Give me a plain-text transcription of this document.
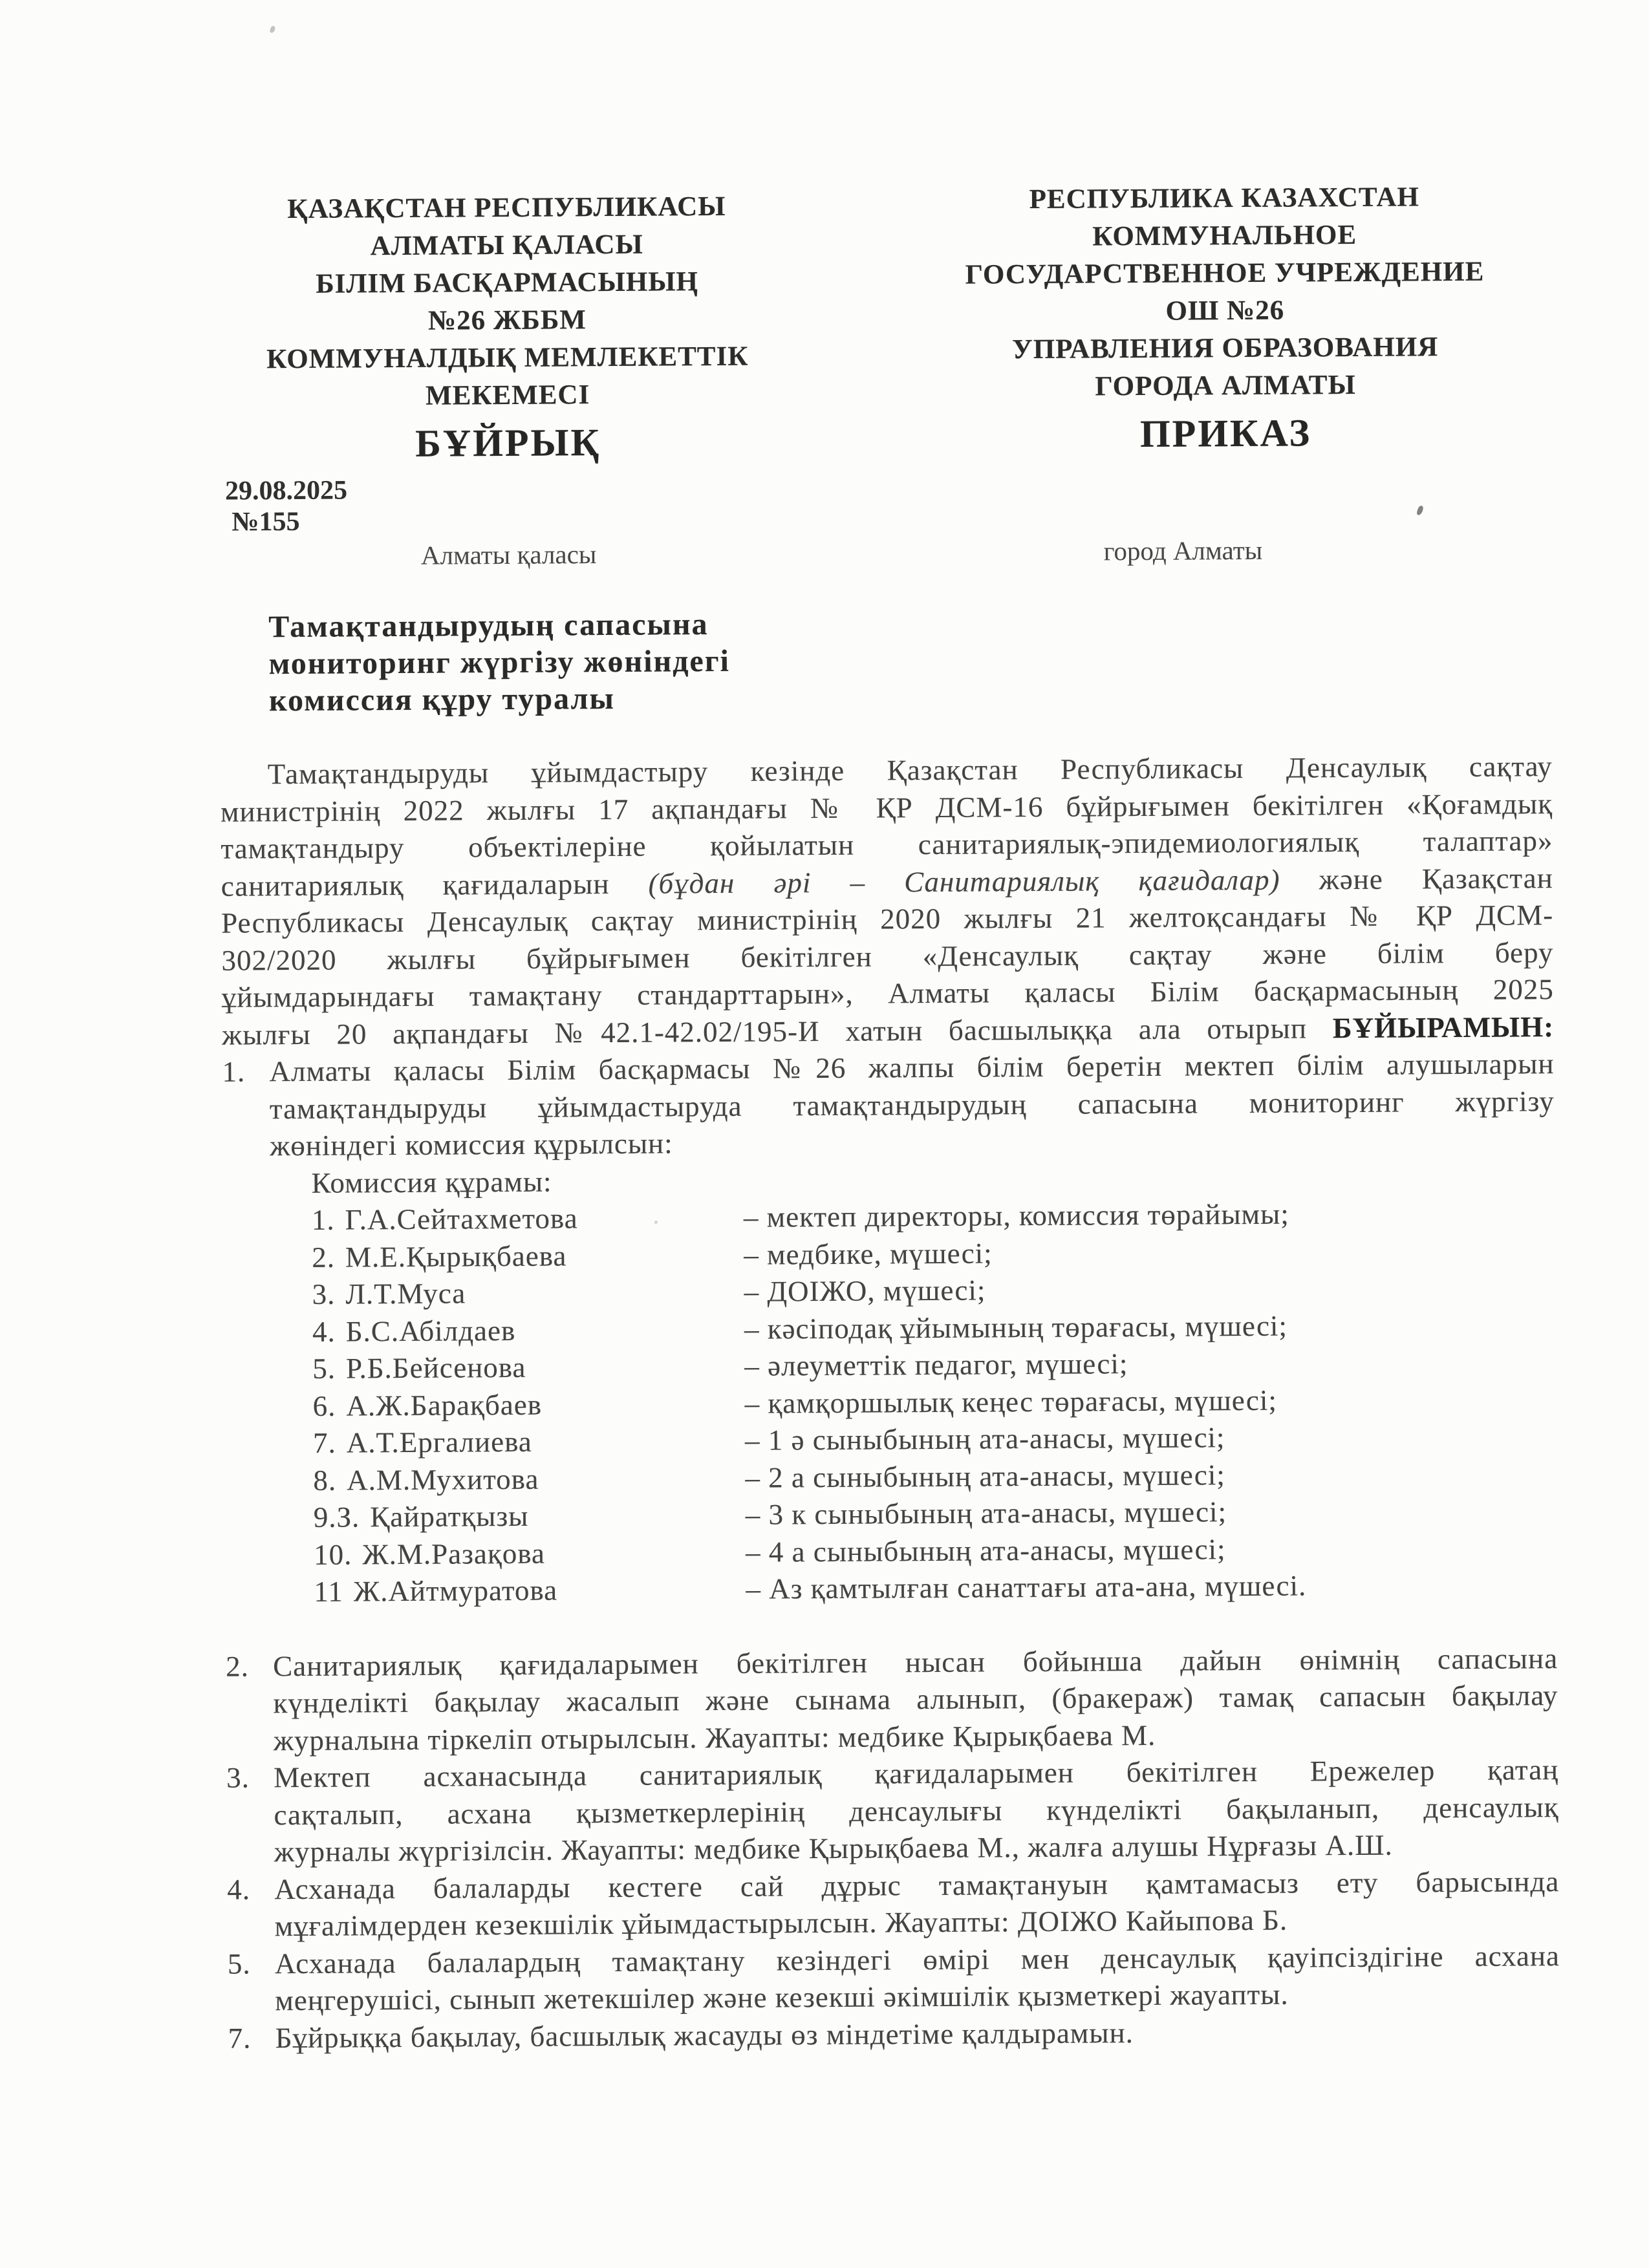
ҚАЗАҚСТАН РЕСПУБЛИКАСЫ
АЛМАТЫ ҚАЛАСЫ
БІЛІМ БАСҚАРМАСЫНЫҢ
№26 ЖББМ
КОММУНАЛДЫҚ МЕМЛЕКЕТТІК
МЕКЕМЕСІ
БҰЙРЫҚ
РЕСПУБЛИКА КАЗАХСТАН
КОММУНАЛЬНОЕ
ГОСУДАРСТВЕННОЕ УЧРЕЖДЕНИЕ
ОШ №26
УПРАВЛЕНИЯ ОБРАЗОВАНИЯ
ГОРОДА АЛМАТЫ
ПРИКАЗ
29.08.2025
№155
Алматы қаласы	город Алматы
Тамақтандырудың сапасына
мониторинг жүргізу жөніндегі
комиссия құру туралы
Тамақтандыруды ұйымдастыру кезінде Қазақстан Республикасы Денсаулық сақтау
министрінің 2022 жылғы 17 ақпандағы № ҚР ДСМ-16 бұйрығымен бекітілген «Қоғамдық
тамақтандыру объектілеріне қойылатын санитариялық-эпидемиологиялық талаптар»
санитариялық қағидаларын (бұдан әрі – Санитариялық қағидалар) және Қазақстан
Республикасы Денсаулық сақтау министрінің 2020 жылғы 21 желтоқсандағы № ҚР ДСМ-
302/2020 жылғы бұйрығымен бекітілген «Денсаулық сақтау және білім беру
ұйымдарындағы тамақтану стандарттарын», Алматы қаласы Білім басқармасының 2025
жылғы 20 ақпандағы №42.1-42.02/195-И хатын басшылыққа ала отырып БҰЙЫРАМЫН:
1. Алматы қаласы Білім басқармасы №26 жалпы білім беретін мектеп білім алушыларын
тамақтандыруды ұйымдастыруда тамақтандырудың сапасына мониторинг жүргізу
жөніндегі комиссия құрылсын:
Комиссия құрамы:
1. Г.А.Сейтахметова	– мектеп директоры, комиссия төрайымы;
2. М.Е.Қырықбаева	– медбике, мүшесі;
3. Л.Т.Муса	– ДОІЖО, мүшесі;
4. Б.С.Абілдаев	– кәсіподақ ұйымының төрағасы, мүшесі;
5. Р.Б.Бейсенова	– әлеуметтік педагог, мүшесі;
6. А.Ж.Барақбаев	– қамқоршылық кеңес төрағасы, мүшесі;
7. А.Т.Ергалиева	– 1 ә сыныбының ата-анасы, мүшесі;
8. А.М.Мухитова	– 2 а сыныбының ата-анасы, мүшесі;
9.З. Қайратқызы	– 3 к сыныбының ата-анасы, мүшесі;
10. Ж.М.Разақова	– 4 а сыныбының ата-анасы, мүшесі;
11 Ж.Айтмуратова	– Аз қамтылған санаттағы ата-ана, мүшесі.
2. Санитариялық қағидаларымен бекітілген нысан бойынша дайын өнімнің сапасына
күнделікті бақылау жасалып және сынама алынып, (бракераж) тамақ сапасын бақылау
журналына тіркеліп отырылсын. Жауапты: медбике Қырықбаева М.
3. Мектеп асханасында санитариялық қағидаларымен бекітілген Ережелер қатаң
сақталып, асхана қызметкерлерінің денсаулығы күнделікті бақыланып, денсаулық
журналы жүргізілсін. Жауапты: медбике Қырықбаева М., жалға алушы Нұрғазы А.Ш.
4. Асханада балаларды кестеге сай дұрыс тамақтануын қамтамасыз ету барысында
мұғалімдерден кезекшілік ұйымдастырылсын. Жауапты: ДОІЖО Кайыпова Б.
5. Асханада балалардың тамақтану кезіндегі өмірі мен денсаулық қауіпсіздігіне асхана
меңгерушісі, сынып жетекшілер және кезекші әкімшілік қызметкері жауапты.
7. Бұйрыққа бақылау, басшылық жасауды өз міндетіме қалдырамын.
